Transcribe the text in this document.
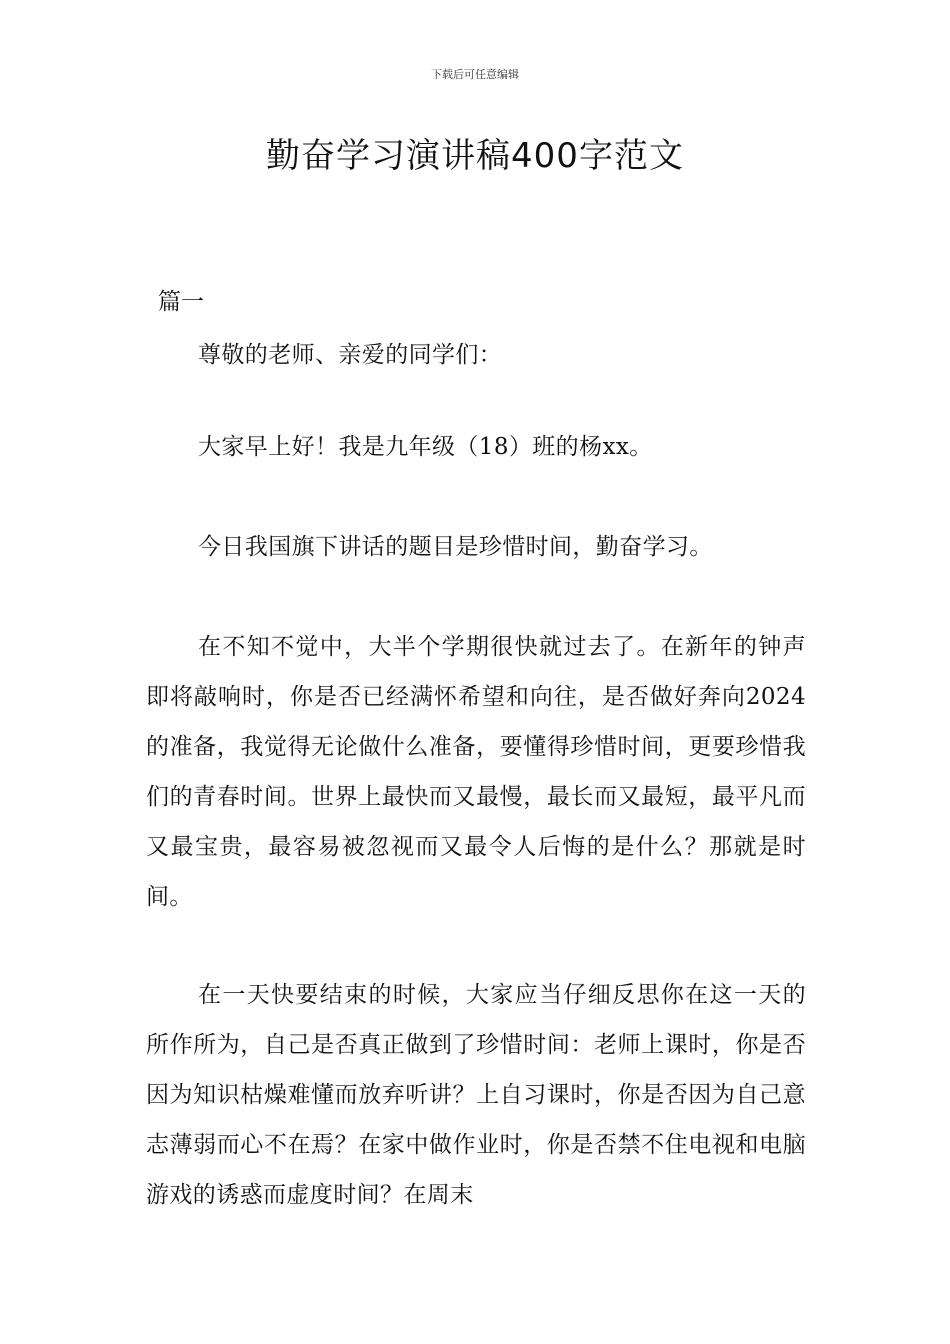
下载后可任意编辑
勤奋学习演讲稿400字范文
篇一

尊敬的老师、亲爱的同学们：

大家早上好！我是九年级（18）班的杨xx。

今日我国旗下讲话的题目是珍惜时间，勤奋学习。

在不知不觉中，大半个学期很快就过去了。在新年的钟声即将敲响时，你是否已经满怀希望和向往，是否做好奔向2024的准备，我觉得无论做什么准备，要懂得珍惜时间，更要珍惜我们的青春时间。世界上最快而又最慢，最长而又最短，最平凡而又最宝贵，最容易被忽视而又最令人后悔的是什么？那就是时间。

在一天快要结束的时候，大家应当仔细反思你在这一天的所作所为，自己是否真正做到了珍惜时间：老师上课时，你是否因为知识枯燥难懂而放弃听讲？上自习课时，你是否因为自己意志薄弱而心不在焉？在家中做作业时，你是否禁不住电视和电脑游戏的诱惑而虚度时间？在周末
